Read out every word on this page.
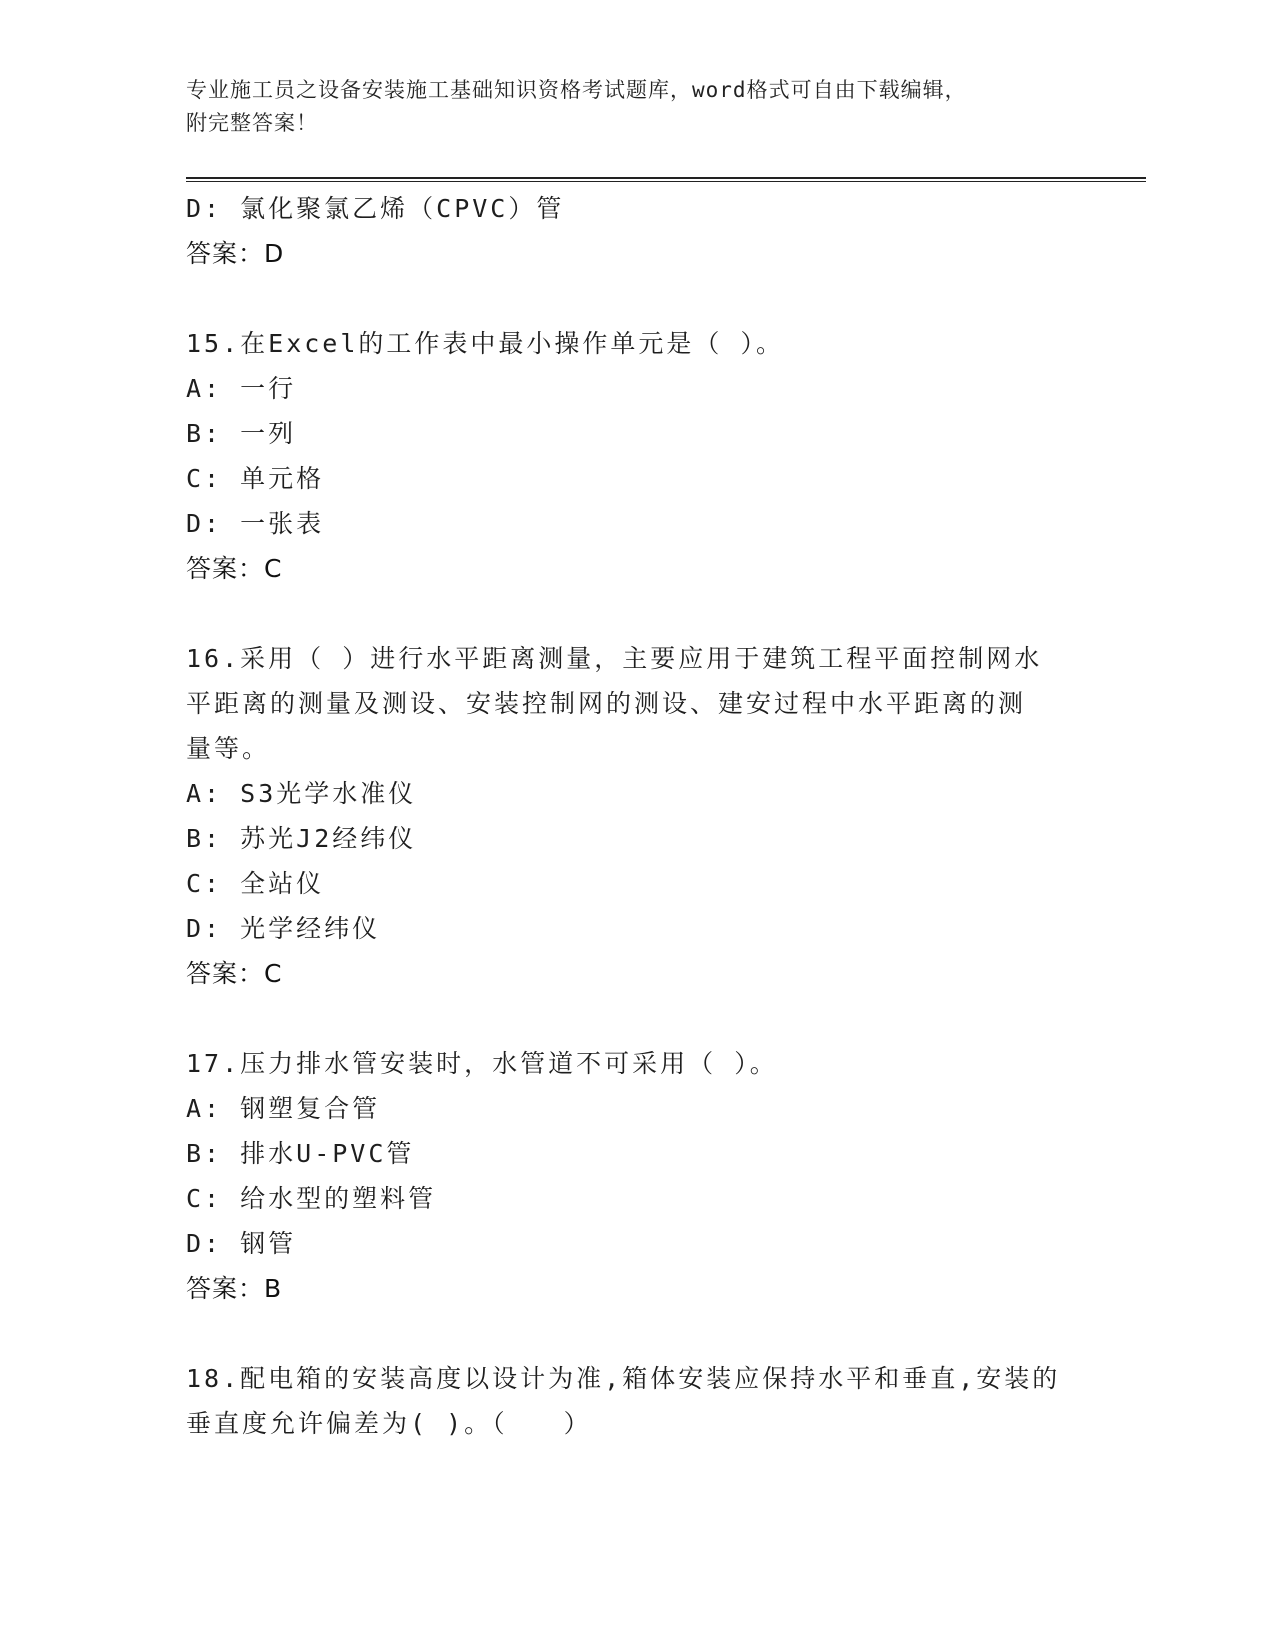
专业施工员之设备安装施工基础知识资格考试题库，word格式可自由下载编辑，
附完整答案！
D: 氯化聚氯乙烯（CPVC）管
答案：D
15.在Excel的工作表中最小操作单元是（ ）。
A: 一行
B: 一列
C: 单元格
D: 一张表
答案：C
16.采用（ ）进行水平距离测量，主要应用于建筑工程平面控制网水
平距离的测量及测设、安装控制网的测设、建安过程中水平距离的测
量等。
A: S3光学水准仪
B: 苏光J2经纬仪
C: 全站仪
D: 光学经纬仪
答案：C
17.压力排水管安装时，水管道不可采用（ ）。
A: 钢塑复合管
B: 排水U-PVC管
C: 给水型的塑料管
D: 钢管
答案：B
18.配电箱的安装高度以设计为准,箱体安装应保持水平和垂直,安装的
垂直度允许偏差为( )。（　　）
